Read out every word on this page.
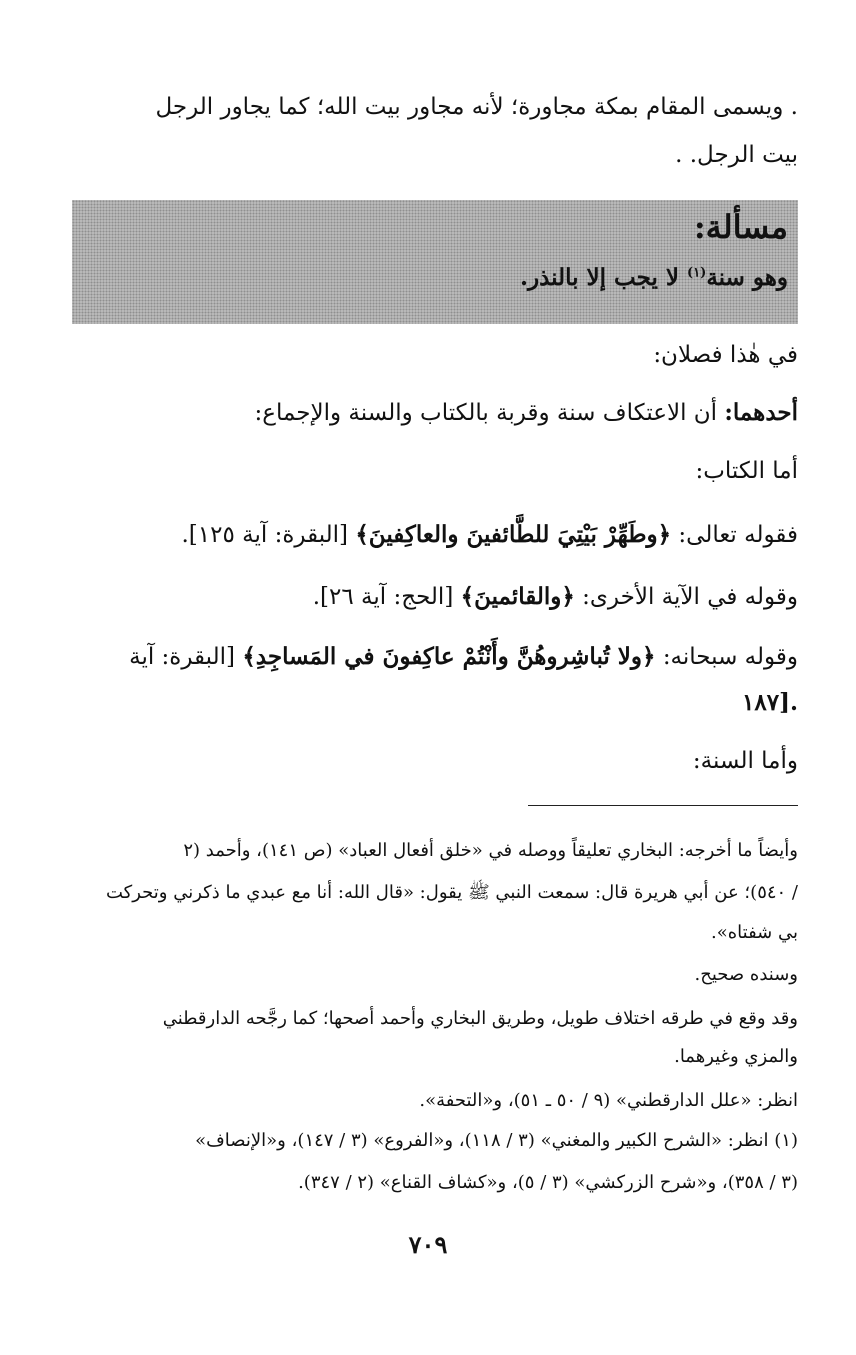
. ويسمى المقام بمكة مجاورة؛ لأنه مجاور بيت الله؛ كما يجاور الرجل
بيت الرجل. .
مسألة:
وهو سنة$^{(١)}$ لا يجب إلا بالنذر.
في هٰذا فصلان:
أحدهما: أن الاعتكاف سنة وقربة بالكتاب والسنة والإجماع:
أما الكتاب:
فقوله تعالى: ﴿وطَهِّرْ بَيْتِيَ للطَّائفينَ والعاكِفينَ﴾ [البقرة: آية ١٢٥].
وقوله في الآية الأخرى: ﴿والقائمينَ﴾ [الحج: آية ٢٦].
وقوله سبحانه: ﴿ولا تُباشِروهُنَّ وأَنْتُمْ عاكِفونَ في المَساجِدِ﴾ [البقرة: آية
.[١٨٧
وأما السنة:
وأيضاً ما أخرجه: البخاري تعليقاً ووصله في «خلق أفعال العباد» (ص ١٤١)، وأحمد (٢
/ ٥٤٠)؛ عن أبي هريرة قال: سمعت النبي ﷺ يقول: «قال الله: أنا مع عبدي ما ذكرني وتحركت
بي شفتاه».
وسنده صحيح.
وقد وقع في طرقه اختلاف طويل، وطريق البخاري وأحمد أصحها؛ كما رجَّحه الدارقطني
والمزي وغيرهما.
انظر: «علل الدارقطني» (٩ / ٥٠ ـ ٥١)، و«التحفة».
(١) انظر: «الشرح الكبير والمغني» (٣ / ١١٨)، و«الفروع» (٣ / ١٤٧)، و«الإنصاف»
(٣ / ٣٥٨)، و«شرح الزركشي» (٣ / ٥)، و«كشاف القناع» (٢ / ٣٤٧).
٧٠٩
